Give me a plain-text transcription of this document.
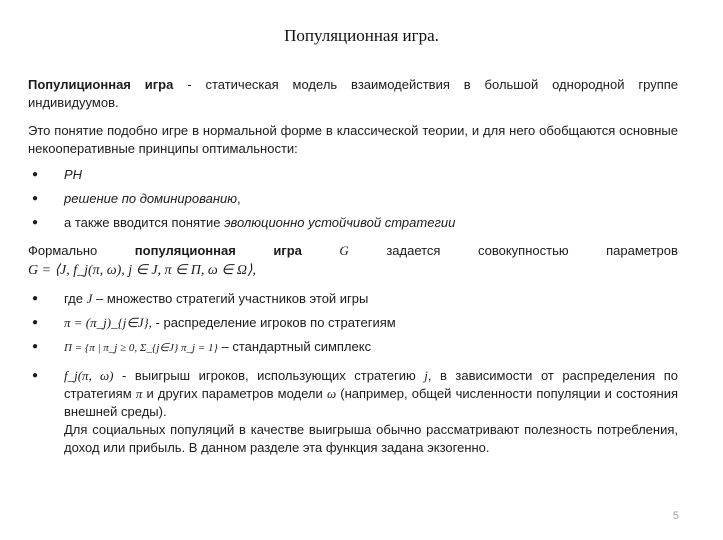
Популяционная игра.

Популиционная игра - статическая модель взаимодействия в большой однородной группе индивидуумов.

Это понятие подобно игре в нормальной форме в классической теории, и для него обобщаются основные некооперативные принципы оптимальности:

● РН
● решение по доминированию,
● а также вводится понятие эволюционно устойчивой стратегии
Формально	популяционная	игра	G	задается	совокупностью	параметров
G = ⟨J, f_j(π, ω), j ∈ J, π ∈ Π, ω ∈ Ω⟩,
● где J – множество стратегий участников этой игры
● π = (π_j)_{j∈J}, - распределение игроков по стратегиям
● Π = {π | π_j ≥ 0, Σ_{j∈J} π_j = 1} – стандартный симплекс
● f_j(π, ω) - выигрыш игроков, использующих стратегию j, в зависимости от распределения по стратегиям π и других параметров модели ω (например, общей численности популяции и состояния внешней среды).
Для социальных популяций в качестве выигрыша обычно рассматривают полезность потребления, доход или прибыль. В данном разделе эта функция задана экзогенно.
5
